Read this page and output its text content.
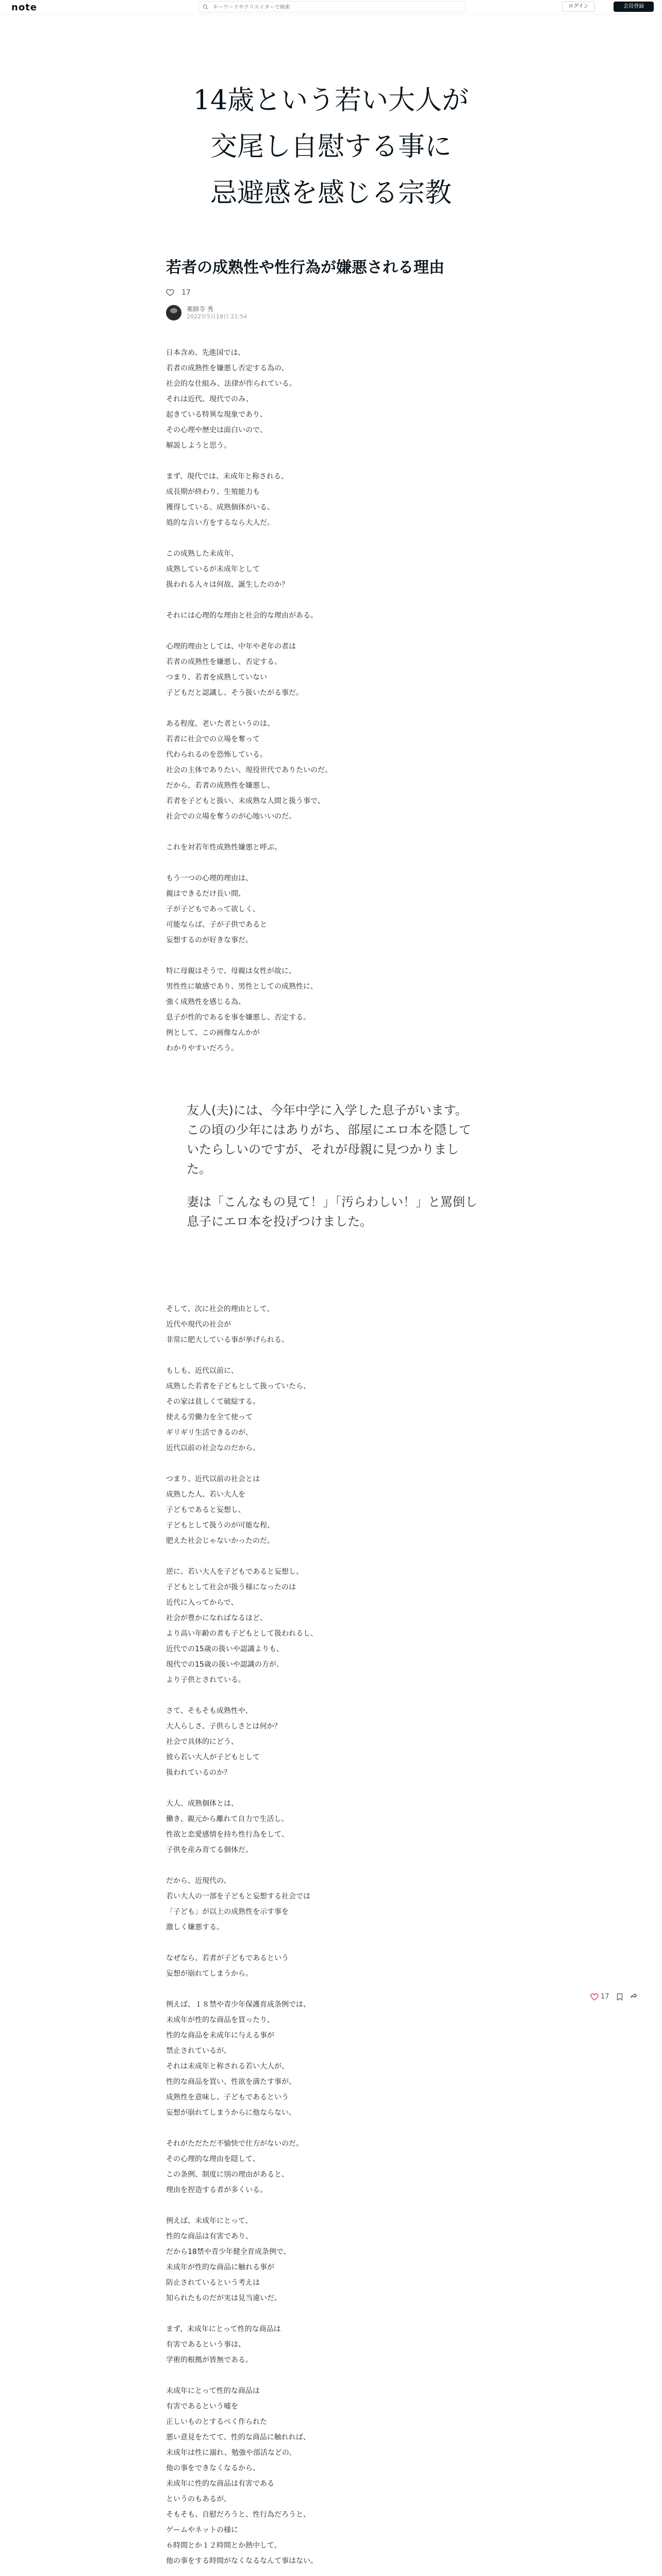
note
キーワードやクリエイターで検索	ログイン	会員登録
14歳という若い大人が
交尾し自慰する事に
忌避感を感じる宗教
若者の成熟性や性行為が嫌悪される理由
17
薬師寺 秀
2022年5月18日 21:54

日本含め、先進国では、
若者の成熟性を嫌悪し否定する為の、
社会的な仕組み、法律が作られている。
それは近代、現代でのみ、
起きている特異な現象であり、
その心理や歴史は面白いので、
解説しようと思う。

まず、現代では、未成年と称される、
成長期が終わり、生殖能力も
獲得している、成熟個体がいる。
処的な言い方をするなら大人だ。

この成熟した未成年、
成熟しているが未成年として
扱われる人々は何故、誕生したのか？

それには心理的な理由と社会的な理由がある。

心理的理由としては、中年や老年の者は
若者の成熟性を嫌悪し、否定する。
つまり、若者を成熟していない
子どもだと認識し、そう扱いたがる事だ。

ある程度、老いた者というのは、
若者に社会での立場を奪って
代わられるのを恐怖している。
社会の主体でありたい、現役世代でありたいのだ。
だから、若者の成熟性を嫌悪し、
若者を子どもと扱い、未成熟な人間と扱う事で、
社会での立場を奪うのが心地いいのだ。

これを対若年性成熟性嫌悪と呼ぶ。

もう一つの心理的理由は、
親はできるだけ長い間、
子が子どもであって欲しく、
可能ならば、子が子供であると
妄想するのが好きな事だ。

特に母親はそうで、母親は女性が故に、
男性性に敏感であり、男性としての成熟性に、
強く成熟性を感じる為、
息子が性的であるを事を嫌悪し、否定する。
例として、この画像なんかが
わかりやすいだろう。

友人(夫)には、今年中学に入学した息子がいます。この頃の少年にはありがち、部屋にエロ本を隠していたらしいのですが、それが母親に見つかりました。

妻は「こんなもの見て！」「汚らわしい！」と罵倒し息子にエロ本を投げつけました。

そして、次に社会的理由として、
近代や現代の社会が
非常に肥大している事が挙げられる。

もしも、近代以前に、
成熟した若者を子どもとして扱っていたら、
その家は貧しくて破綻する。
使える労働力を全て使って
ギリギリ生活できるのが、
近代以前の社会なのだから。

つまり、近代以前の社会とは
成熟した人、若い大人を
子どもであると妄想し、
子どもとして扱うのが可能な程、
肥えた社会じゃないかったのだ。

逆に、若い大人を子どもであると妄想し、
子どもとして社会が扱う様になったのは
近代に入ってからで、
社会が豊かになればなるほど、
より高い年齢の者も子どもとして扱われるし、
近代での15歳の扱いや認識よりも、
現代での15歳の扱いや認識の方が、
より子供とされている。

さて、そもそも成熟性や、
大人らしさ、子供らしさとは何か？
社会で具体的にどう、
彼ら若い大人が子どもとして
扱われているのか？

大人、成熟個体とは、
働き、親元から離れて自力で生活し、
性欲と恋愛感情を持ち性行為をして、
子供を産み育てる個体だ。

だから、近現代の、
若い大人の一部を子どもと妄想する社会では
「子ども」が以上の成熟性を示す事を
激しく嫌悪する。

なぜなら、若者が子どもであるという
妄想が崩れてしまうから。

例えば、１８禁や青少年保護育成条例では、
未成年が性的な商品を買ったり、
性的な商品を未成年に与える事が
禁止されているが、
それは未成年と称される若い大人が、
性的な商品を買い、性欲を満たす事が、
成熟性を意味し、子どもであるという
妄想が崩れてしまうからに他ならない。

それがただただ不愉快で仕方がないのだ。
その心理的な理由を隠して、
この条例、制度に別の理由があると、
理由を捏造する者が多くいる。

例えば、未成年にとって、
性的な商品は有害であり、
だから18禁や青少年健全育成条例で、
未成年が性的な商品に触れる事が
防止されているという考えは
知られたものだが実は見当違いだ。

まず、未成年にとって性的な商品は
有害であるという事は、
学術的根拠が皆無である。

未成年にとって性的な商品は
有害であるという嘘を
正しいものとするべく作られた
悪い意見をたてて、性的な商品に触れれば、
未成年は性に溺れ、勉強や部活などの、
他の事をできなくなるから、
未成年に性的な商品は有害である
というのもあるが、
そもそも、自慰だろうと、性行為だろうと、
ゲームやネットの様に
６時間とか１２時間とか熱中して、
他の事をする時間がなくなるなんて事はない。

17
